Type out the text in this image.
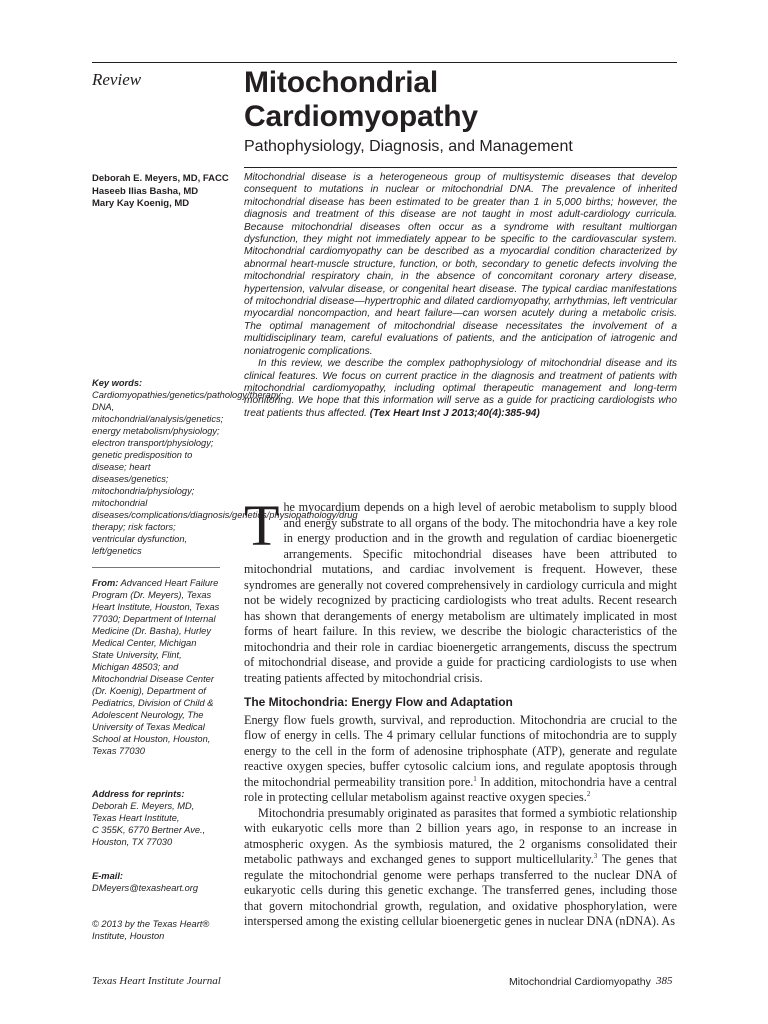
Review	Mitochondrial
Cardiomyopathy
Pathophysiology, Diagnosis, and Management
Deborah E. Meyers, MD, FACC
Haseeb Ilias Basha, MD
Mary Kay Koenig, MD

Mitochondrial disease is a heterogeneous group of multisystemic diseases that develop consequent to mutations in nuclear or mitochondrial DNA. The prevalence of inherited mitochondrial disease has been estimated to be greater than 1 in 5,000 births; however, the diagnosis and treatment of this disease are not taught in most adult-cardiology curricula. Because mitochondrial diseases often occur as a syndrome with resultant multiorgan dysfunction, they might not immediately appear to be specific to the cardiovascular system. Mitochondrial cardiomyopathy can be described as a myocardial condition characterized by abnormal heart-muscle structure, function, or both, secondary to genetic defects involving the mitochondrial respiratory chain, in the absence of concomitant coronary artery disease, hypertension, valvular disease, or congenital heart disease. The typical cardiac manifestations of mitochondrial disease—hypertrophic and dilated cardiomyopathy, arrhythmias, left ventricular myocardial noncompaction, and heart failure—can worsen acutely during a metabolic crisis. The optimal management of mitochondrial disease necessitates the involvement of a multidisciplinary team, careful evaluations of patients, and the anticipation of iatrogenic and noniatrogenic complications.

In this review, we describe the complex pathophysiology of mitochondrial disease and its clinical features. We focus on current practice in the diagnosis and treatment of patients with mitochondrial cardiomyopathy, including optimal therapeutic management and long-term monitoring. We hope that this information will serve as a guide for practicing cardiologists who treat patients thus affected. (Tex Heart Inst J 2013;40(4):385-94)

Key words: Cardiomyopathies/genetics/pathology/therapy; DNA, mitochondrial/analysis/genetics; energy metabolism/physiology; electron transport/physiology; genetic predisposition to disease; heart diseases/genetics; mitochondria/physiology; mitochondrial diseases/complications/diagnosis/genetics/physiopathology/drug therapy; risk factors; ventricular dysfunction, left/genetics
From: Advanced Heart Failure Program (Dr. Meyers), Texas Heart Institute, Houston, Texas 77030; Department of Internal Medicine (Dr. Basha), Hurley Medical Center, Michigan State University, Flint, Michigan 48503; and Mitochondrial Disease Center (Dr. Koenig), Department of Pediatrics, Division of Child & Adolescent Neurology, The University of Texas Medical School at Houston, Houston, Texas 77030
Address for reprints:
Deborah E. Meyers, MD,
Texas Heart Institute,
C 355K, 6770 Bertner Ave.,
Houston, TX 77030
E-mail:
DMeyers@texasheart.org
© 2013 by the Texas Heart® Institute, Houston

The myocardium depends on a high level of aerobic metabolism to supply blood and energy substrate to all organs of the body. The mitochondria have a key role in energy production and in the growth and regulation of cardiac bioenergetic arrangements. Specific mitochondrial diseases have been attributed to mitochondrial mutations, and cardiac involvement is frequent. However, these syndromes are generally not covered comprehensively in cardiology curricula and might not be widely recognized by practicing cardiologists who treat adults. Recent research has shown that derangements of energy metabolism are ultimately implicated in most forms of heart failure. In this review, we describe the biologic characteristics of the mitochondria and their role in cardiac bioenergetic arrangements, discuss the spectrum of mitochondrial disease, and provide a guide for practicing cardiologists to use when treating patients affected by mitochondrial crisis.

The Mitochondria: Energy Flow and Adaptation

Energy flow fuels growth, survival, and reproduction. Mitochondria are crucial to the flow of energy in cells. The 4 primary cellular functions of mitochondria are to supply energy to the cell in the form of adenosine triphosphate (ATP), generate and regulate reactive oxygen species, buffer cytosolic calcium ions, and regulate apoptosis through the mitochondrial permeability transition pore.$^1$ In addition, mitochondria have a central role in protecting cellular metabolism against reactive oxygen species.$^2$

Mitochondria presumably originated as parasites that formed a symbiotic relationship with eukaryotic cells more than 2 billion years ago, in response to an increase in atmospheric oxygen. As the symbiosis matured, the 2 organisms consolidated their metabolic pathways and exchanged genes to support multicellularity.$^3$ The genes that regulate the mitochondrial genome were perhaps transferred to the nuclear DNA of eukaryotic cells during this genetic exchange. The transferred genes, including those that govern mitochondrial growth, regulation, and oxidative phosphorylation, were interspersed among the existing cellular bioenergetic genes in nuclear DNA (nDNA). As

Texas Heart Institute Journal	Mitochondrial Cardiomyopathy 385
